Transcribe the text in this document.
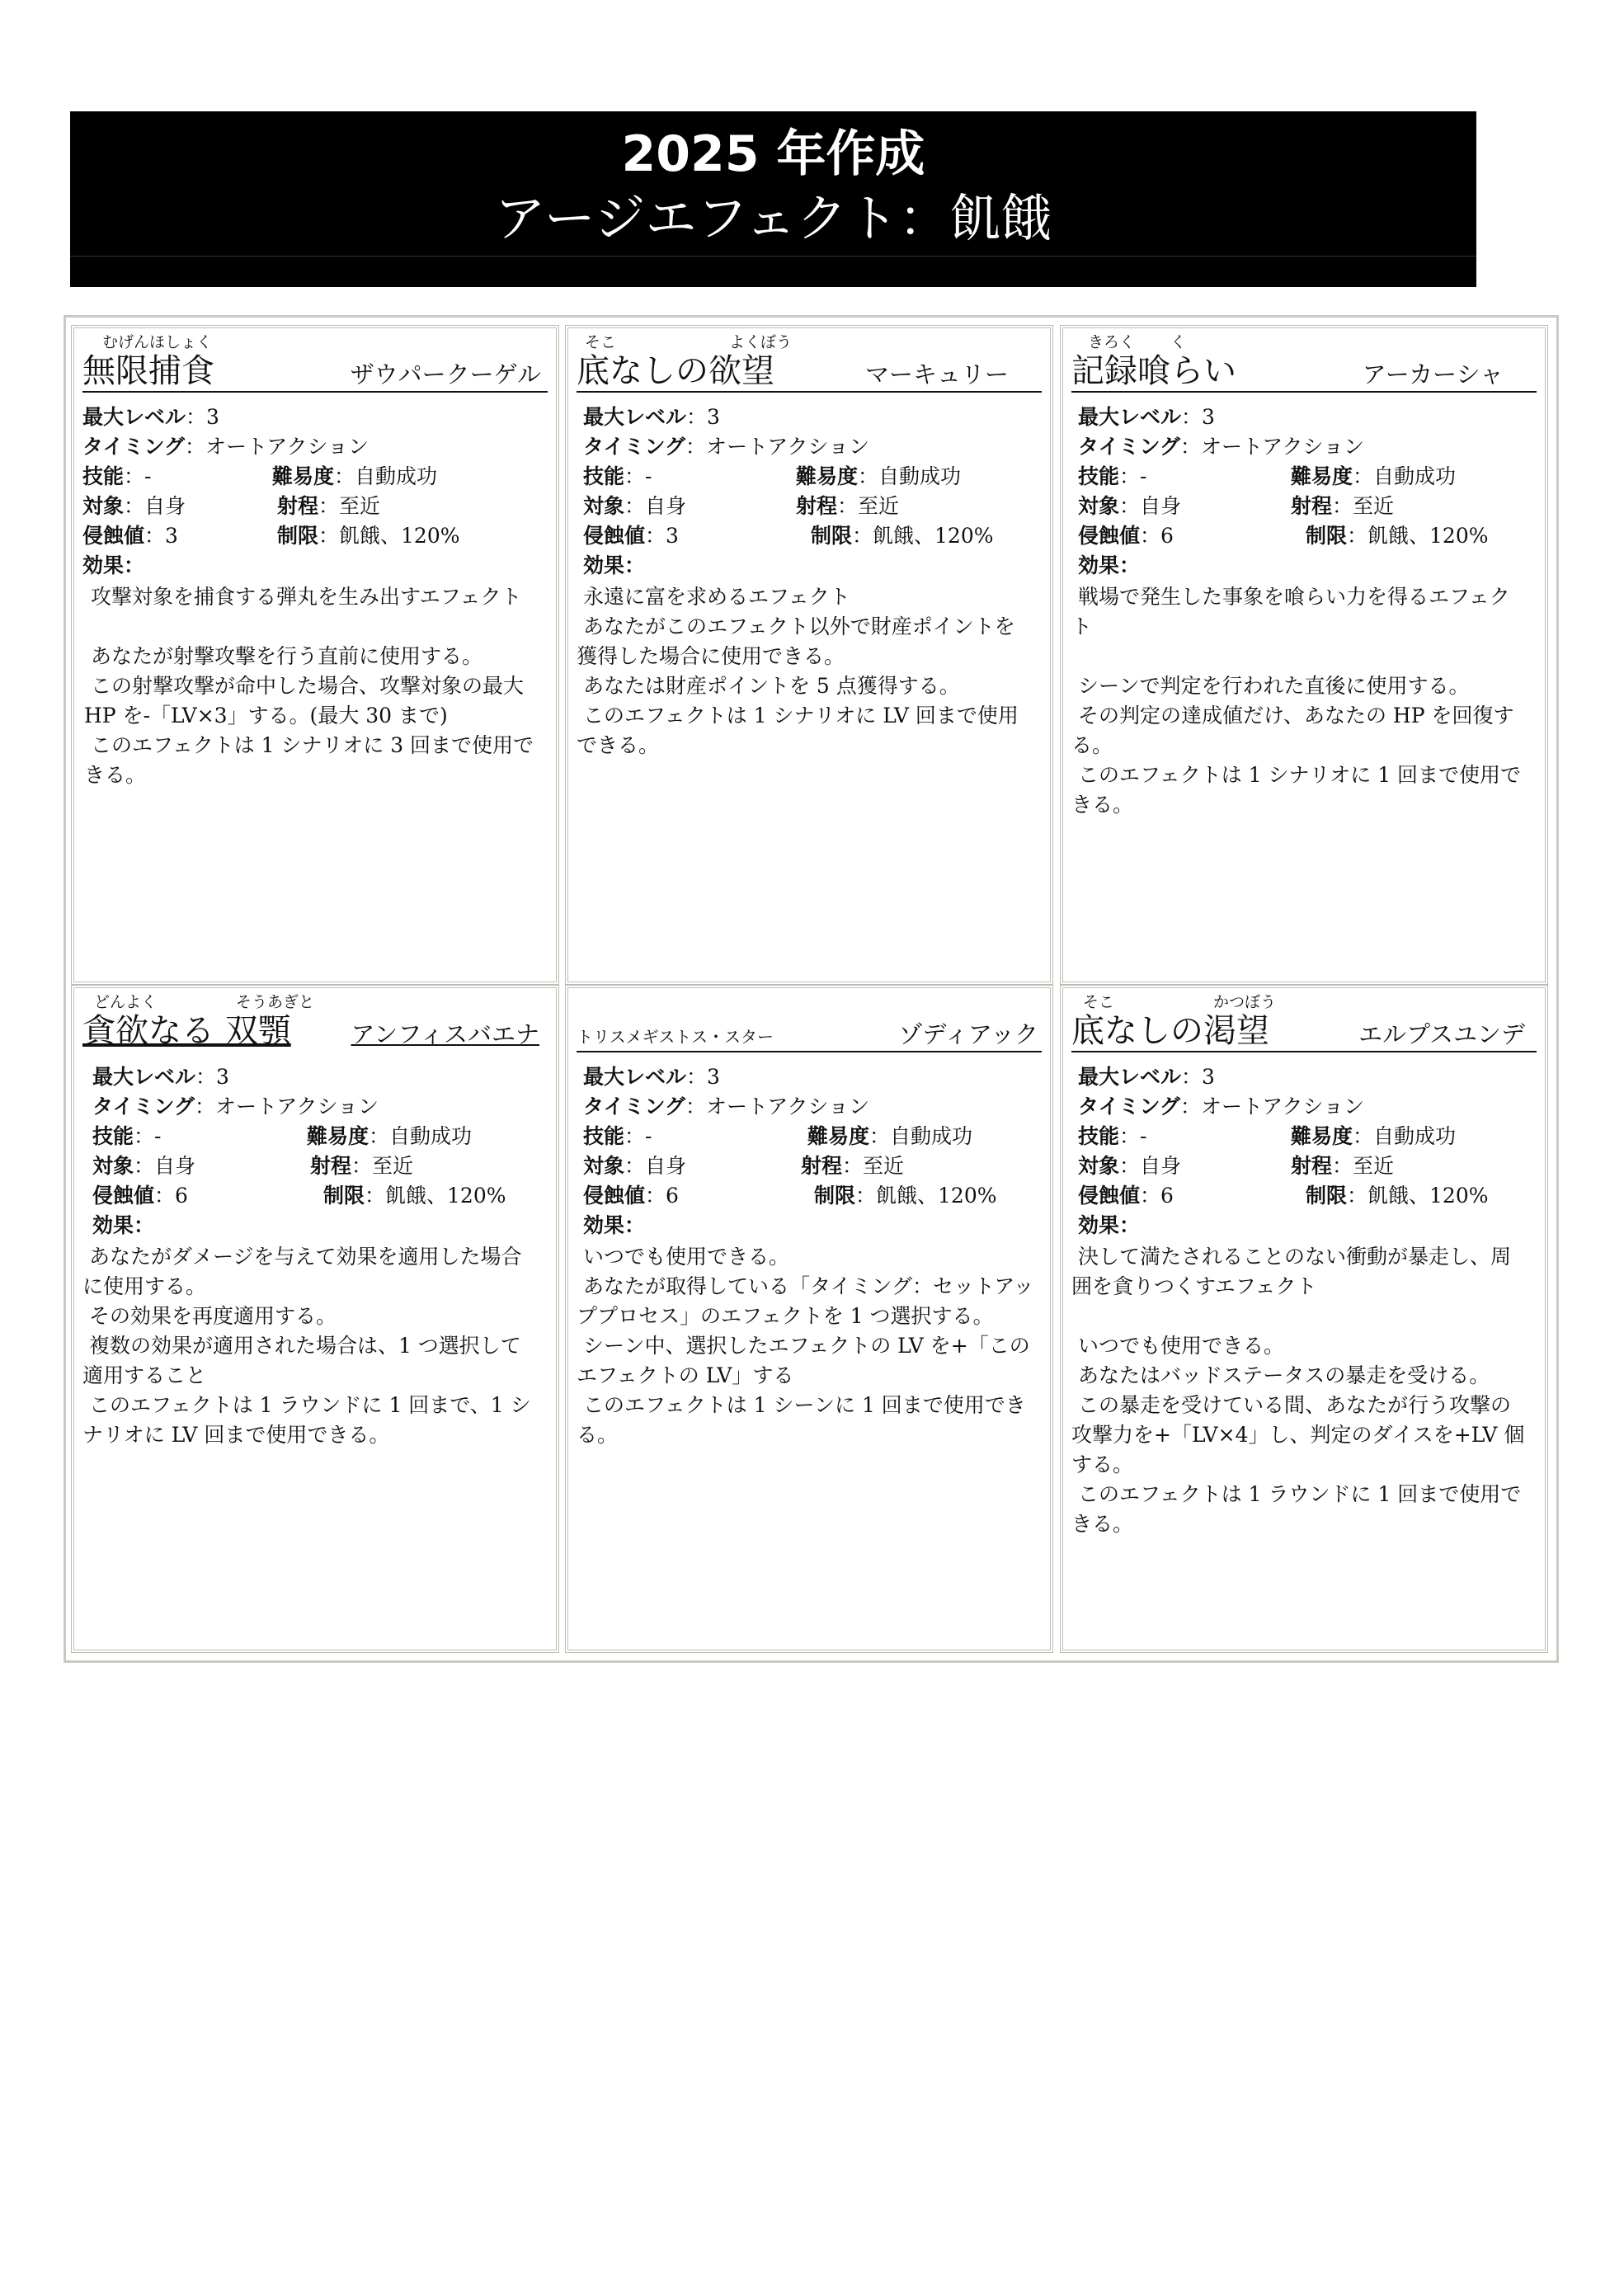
2025 年作成
アージエフェクト：飢餓
むげんほしょく
無限捕食	ザウパークーゲル
最大レベル：3
タイミング：オートアクション
技能：-	難易度：自動成功
対象：自身	射程：至近
侵蝕値：3	制限：飢餓、120%
効果：
攻撃対象を捕食する弾丸を生み出すエフェクト

あなたが射撃攻撃を行う直前に使用する。
この射撃攻撃が命中した場合、攻撃対象の最大 HP を-「LV×3」する。(最大 30 まで)
このエフェクトは 1 シナリオに 3 回まで使用できる。
そこ	よくぼう
底なしの欲望	マーキュリー
最大レベル：3
タイミング：オートアクション
技能：-	難易度：自動成功
対象：自身	射程：至近
侵蝕値：3	制限：飢餓、120%
効果：
永遠に富を求めるエフェクト
あなたがこのエフェクト以外で財産ポイントを獲得した場合に使用できる。
あなたは財産ポイントを 5 点獲得する。
このエフェクトは 1 シナリオに LV 回まで使用できる。
きろく く
記録喰らい	アーカーシャ
最大レベル：3
タイミング：オートアクション
技能：-	難易度：自動成功
対象：自身	射程：至近
侵蝕値：6	制限：飢餓、120%
効果：
戦場で発生した事象を喰らい力を得るエフェクト

シーンで判定を行われた直後に使用する。
その判定の達成値だけ、あなたの HP を回復する。
このエフェクトは 1 シナリオに 1 回まで使用できる。
どんよく	そうあぎと
貪欲なる 双顎	アンフィスバエナ
最大レベル：3
タイミング：オートアクション
技能：-	難易度：自動成功
対象：自身	射程：至近
侵蝕値：6	制限：飢餓、120%
効果：
あなたがダメージを与えて効果を適用した場合に使用する。
その効果を再度適用する。
複数の効果が適用された場合は、1 つ選択して適用すること
このエフェクトは 1 ラウンドに 1 回まで、1 シナリオに LV 回まで使用できる。
トリスメギストス・スター	ゾディアック
最大レベル：3
タイミング：オートアクション
技能：-	難易度：自動成功
対象：自身	射程：至近
侵蝕値：6	制限：飢餓、120%
効果：
いつでも使用できる。
あなたが取得している「タイミング：セットアッププロセス」のエフェクトを 1 つ選択する。
シーン中、選択したエフェクトの LV を+「このエフェクトの LV」する
このエフェクトは 1 シーンに 1 回まで使用できる。
そこ	かつぼう
底なしの渇望	エルプスユンデ
最大レベル：3
タイミング：オートアクション
技能：-	難易度：自動成功
対象：自身	射程：至近
侵蝕値：6	制限：飢餓、120%
効果：
決して満たされることのない衝動が暴走し、周囲を貪りつくすエフェクト

いつでも使用できる。
あなたはバッドステータスの暴走を受ける。
この暴走を受けている間、あなたが行う攻撃の攻撃力を+「LV×4」し、判定のダイスを+LV 個する。
このエフェクトは 1 ラウンドに 1 回まで使用できる。
